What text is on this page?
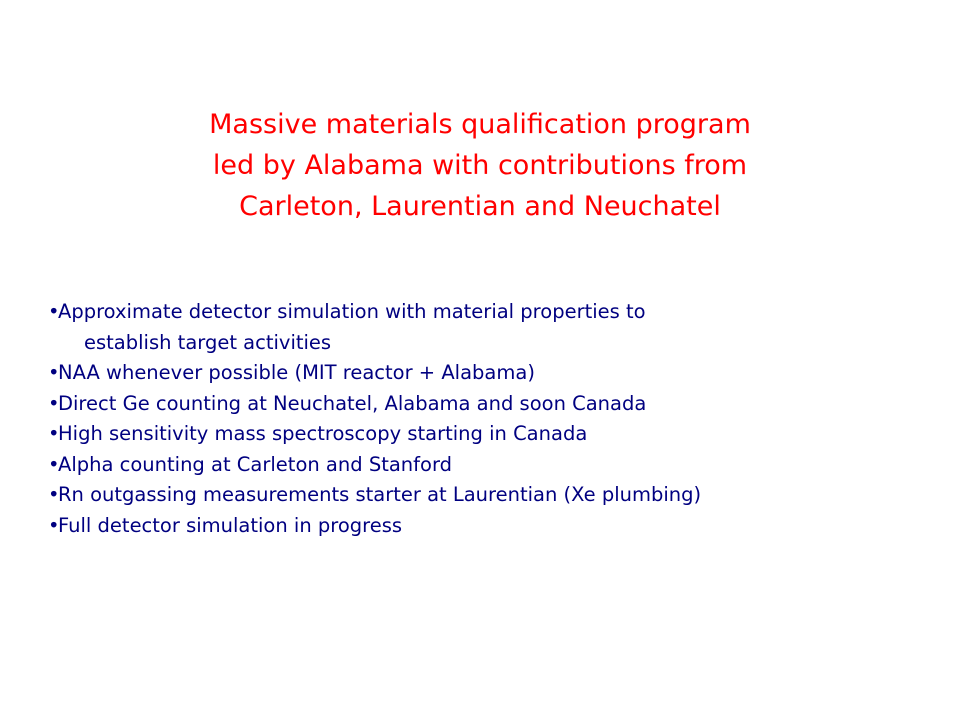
Massive materials qualification program
led by Alabama with contributions from
Carleton, Laurentian and Neuchatel
•Approximate detector simulation with material properties to
establish target activities
•NAA whenever possible (MIT reactor + Alabama)
•Direct Ge counting at Neuchatel, Alabama and soon Canada
•High sensitivity mass spectroscopy starting in Canada
•Alpha counting at Carleton and Stanford
•Rn outgassing measurements starter at Laurentian (Xe plumbing)
•Full detector simulation in progress
